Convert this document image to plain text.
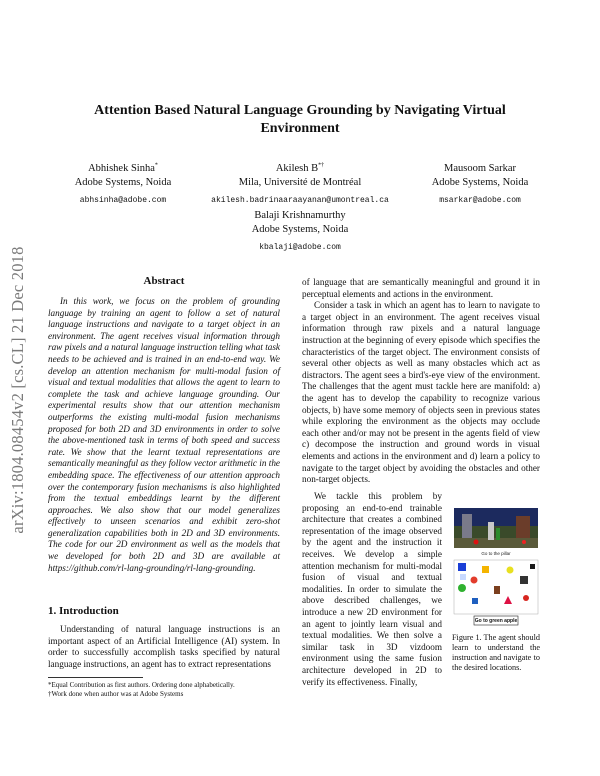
arXiv:1804.08454v2 [cs.CL] 21 Dec 2018
Attention Based Natural Language Grounding by Navigating Virtual Environment
Abhishek Sinha*
Adobe Systems, Noida
abhsinha@adobe.com
Akilesh B*†
Mila, Université de Montréal
akilesh.badrinaaraayanan@umontreal.ca
Mausoom Sarkar
Adobe Systems, Noida
msarkar@adobe.com
Balaji Krishnamurthy
Adobe Systems, Noida
kbalaji@adobe.com
Abstract

In this work, we focus on the problem of grounding language by training an agent to follow a set of natural language instructions and navigate to a target object in an environment. The agent receives visual information through raw pixels and a natural language instruction telling what task needs to be achieved and is trained in an end-to-end way. We develop an attention mechanism for multi-modal fusion of visual and textual modalities that allows the agent to learn to complete the task and achieve language grounding. Our experimental results show that our attention mechanism outperforms the existing multi-modal fusion mechanisms proposed for both 2D and 3D environments in order to solve the above-mentioned task in terms of both speed and success rate. We show that the learnt textual representations are semantically meaningful as they follow vector arithmetic in the embedding space. The effectiveness of our attention approach over the contemporary fusion mechanisms is also highlighted from the textual embeddings learnt by the different approaches. We also show that our model generalizes effectively to unseen scenarios and exhibit zero-shot generalization capabilities both in 2D and 3D environments. The code for our 2D environment as well as the models that we developed for both 2D and 3D are available at https://github.com/rl-lang-grounding/rl-lang-grounding.

1. Introduction

Understanding of natural language instructions is an important aspect of an Artificial Intelligence (AI) system. In order to successfully accomplish tasks specified by natural language instructions, an agent has to extract representations

*Equal Contribution as first authors. Ordering done alphabetically.
†Work done when author was at Adobe Systems

of language that are semantically meaningful and ground it in perceptual elements and actions in the environment.

Consider a task in which an agent has to learn to navigate to a target object in an environment. The agent receives visual information through raw pixels and a natural language instruction at the beginning of every episode which specifies the characteristics of the target object. The environment consists of several other objects as well as many obstacles which act as distractors. The agent sees a bird's-eye view of the environment. The challenges that the agent must tackle here are manifold: a) the agent has to develop the capability to recognize various objects, b) have some memory of objects seen in previous states while exploring the environment as the objects may occlude each other and/or may not be present in the agents field of view c) decompose the instruction and ground words in visual elements and actions in the environment and d) learn a policy to navigate to the target object by avoiding the obstacles and other non-target objects.

We tackle this problem by proposing an end-to-end trainable architecture that creates a combined representation of the image observed by the agent and the instruction it receives. We develop a simple attention mechanism for multi-modal fusion of visual and textual modalities. In order to simulate the above described challenges, we introduce a new 2D environment for an agent to jointly learn visual and textual modalities. We then solve a similar task in 3D vizdoom environment using the same fusion architecture developed in 2D to verify its effectiveness. Finally,

Go to the pillar
Go to green apple
Figure 1. The agent should learn to understand the instruction and navigate to the desired locations.
